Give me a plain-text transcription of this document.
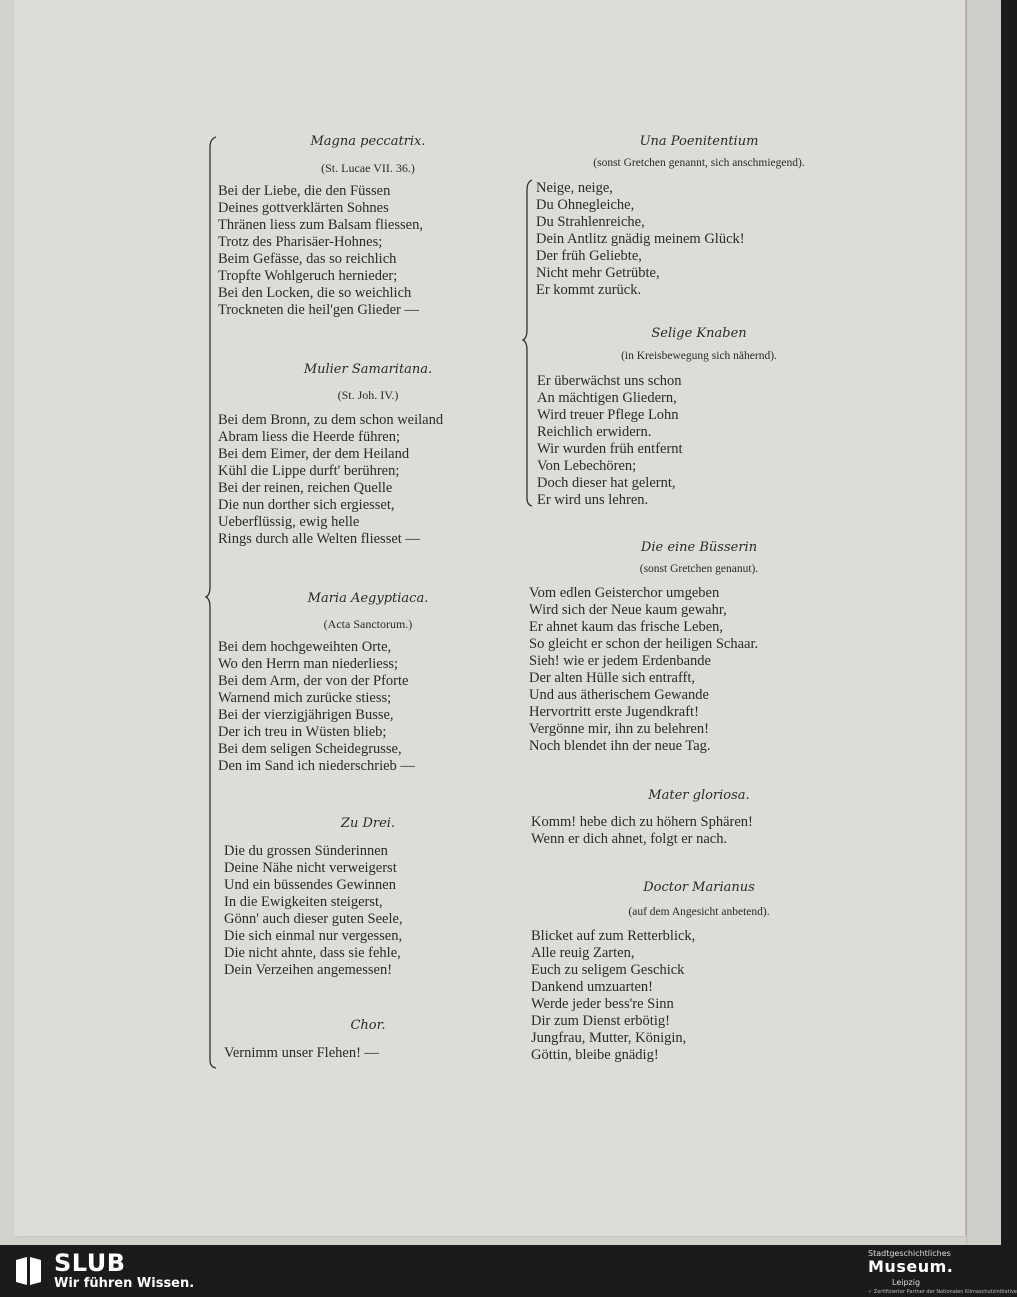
Magna peccatrix.
(St. Lucae VII. 36.)
Bei der Liebe, die den Füssen
Deines gottverklärten Sohnes
Thränen liess zum Balsam fliessen,
Trotz des Pharisäer-Hohnes;
Beim Gefässe, das so reichlich
Tropfte Wohlgeruch hernieder;
Bei den Locken, die so weichlich
Trockneten die heil'gen Glieder —
Mulier Samaritana.
(St. Joh. IV.)
Bei dem Bronn, zu dem schon weiland
Abram liess die Heerde führen;
Bei dem Eimer, der dem Heiland
Kühl die Lippe durft' berühren;
Bei der reinen, reichen Quelle
Die nun dorther sich ergiesset,
Ueberflüssig, ewig helle
Rings durch alle Welten fliesset —
Maria Aegyptiaca.
(Acta Sanctorum.)
Bei dem hochgeweihten Orte,
Wo den Herrn man niederliess;
Bei dem Arm, der von der Pforte
Warnend mich zurücke stiess;
Bei der vierzigjährigen Busse,
Der ich treu in Wüsten blieb;
Bei dem seligen Scheidegrusse,
Den im Sand ich niederschrieb —
Zu Drei.
Die du grossen Sünderinnen
Deine Nähe nicht verweigerst
Und ein büssendes Gewinnen
In die Ewigkeiten steigerst,
Gönn' auch dieser guten Seele,
Die sich einmal nur vergessen,
Die nicht ahnte, dass sie fehle,
Dein Verzeihen angemessen!
Chor.
Vernimm unser Flehen! —
Una Poenitentium
(sonst Gretchen genannt, sich anschmiegend).
Neige, neige,
Du Ohnegleiche,
Du Strahlenreiche,
Dein Antlitz gnädig meinem Glück!
Der früh Geliebte,
Nicht mehr Getrübte,
Er kommt zurück.
Selige Knaben
(in Kreisbewegung sich nähernd).
Er überwächst uns schon
An mächtigen Gliedern,
Wird treuer Pflege Lohn
Reichlich erwidern.
Wir wurden früh entfernt
Von Lebechören;
Doch dieser hat gelernt,
Er wird uns lehren.
Die eine Büsserin
(sonst Gretchen genanut).
Vom edlen Geisterchor umgeben
Wird sich der Neue kaum gewahr,
Er ahnet kaum das frische Leben,
So gleicht er schon der heiligen Schaar.
Sieh! wie er jedem Erdenbande
Der alten Hülle sich entrafft,
Und aus ätherischem Gewande
Hervortritt erste Jugendkraft!
Vergönne mir, ihn zu belehren!
Noch blendet ihn der neue Tag.
Mater gloriosa.
Komm! hebe dich zu höhern Sphären!
Wenn er dich ahnet, folgt er nach.
Doctor Marianus
(auf dem Angesicht anbetend).
Blicket auf zum Retterblick,
Alle reuig Zarten,
Euch zu seligem Geschick
Dankend umzuarten!
Werde jeder bess're Sinn
Dir zum Dienst erbötig!
Jungfrau, Mutter, Königin,
Göttin, bleibe gnädig!
SLUB
Wir führen Wissen.
Stadtgeschichtliches
Museum.
Leipzig
✓ Zertifizierter Partner der Nationalen Klimaschutzinitiative
